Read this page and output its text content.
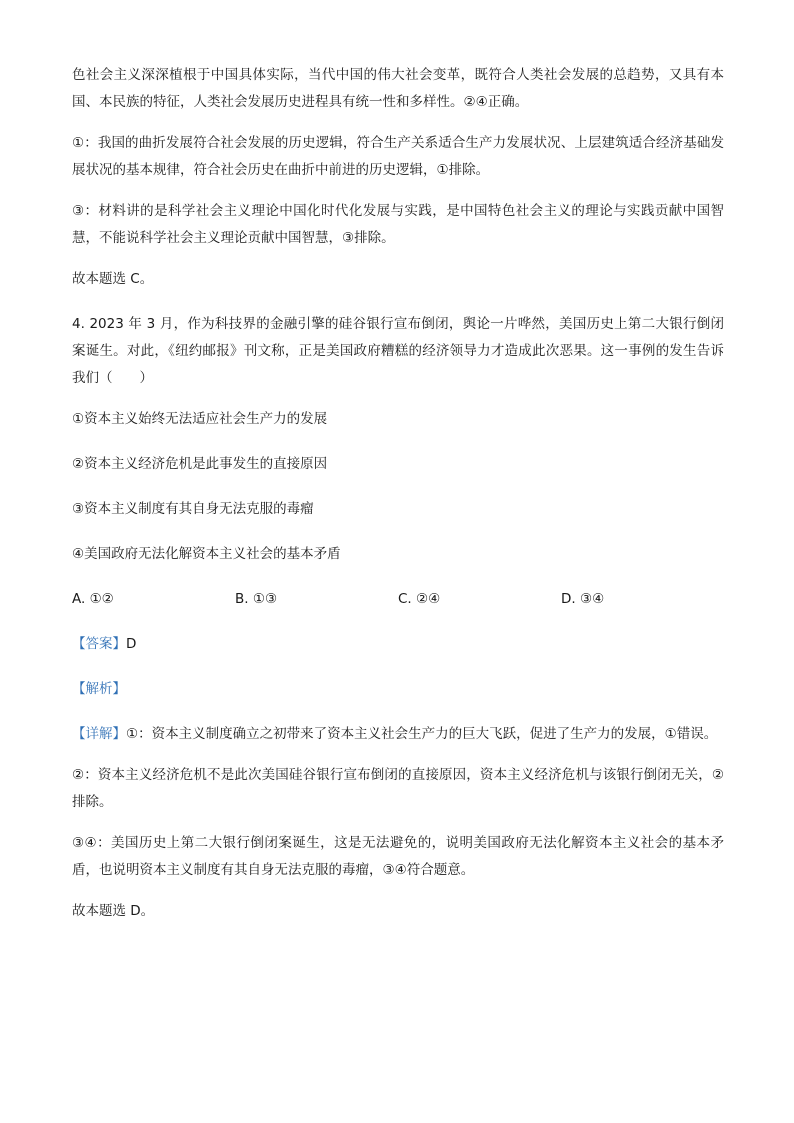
色社会主义深深植根于中国具体实际，当代中国的伟大社会变革，既符合人类社会发展的总趋势，又具有本国、本民族的特征，人类社会发展历史进程具有统一性和多样性。②④正确。

①：我国的曲折发展符合社会发展的历史逻辑，符合生产关系适合生产力发展状况、上层建筑适合经济基础发展状况的基本规律，符合社会历史在曲折中前进的历史逻辑，①排除。

③：材料讲的是科学社会主义理论中国化时代化发展与实践，是中国特色社会主义的理论与实践贡献中国智慧，不能说科学社会主义理论贡献中国智慧，③排除。

故本题选 C。

4. 2023 年 3 月，作为科技界的金融引擎的硅谷银行宣布倒闭，舆论一片哗然，美国历史上第二大银行倒闭案诞生。对此，《纽约邮报》刊文称，正是美国政府糟糕的经济领导力才造成此次恶果。这一事例的发生告诉我们（　　）

①资本主义始终无法适应社会生产力的发展

②资本主义经济危机是此事发生的直接原因

③资本主义制度有其自身无法克服的毒瘤

④美国政府无法化解资本主义社会的基本矛盾

A. ①②	B. ①③	C. ②④	D. ③④

【答案】D

【解析】

【详解】①：资本主义制度确立之初带来了资本主义社会生产力的巨大飞跃，促进了生产力的发展，①错误。

②：资本主义经济危机不是此次美国硅谷银行宣布倒闭的直接原因，资本主义经济危机与该银行倒闭无关，②排除。

③④：美国历史上第二大银行倒闭案诞生，这是无法避免的，说明美国政府无法化解资本主义社会的基本矛盾，也说明资本主义制度有其自身无法克服的毒瘤，③④符合题意。

故本题选 D。
